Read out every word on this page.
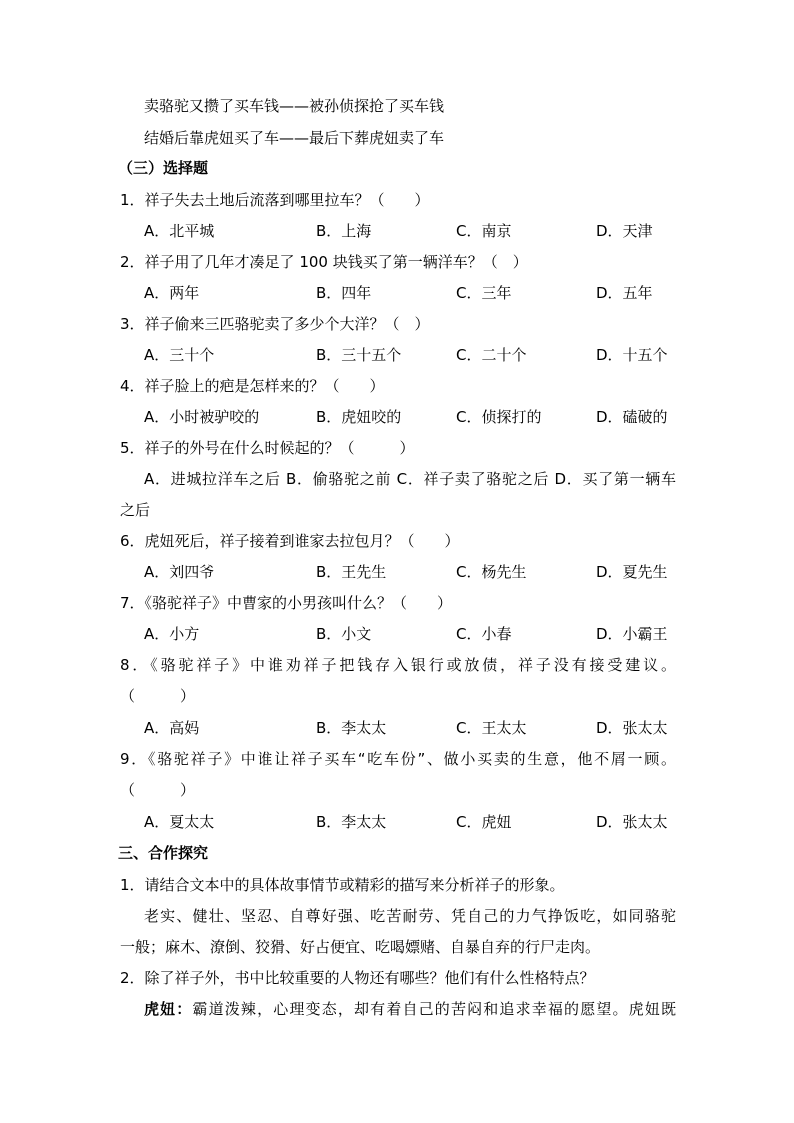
卖骆驼又攒了买车钱——被孙侦探抢了买车钱
结婚后靠虎妞买了车——最后下葬虎妞卖了车
（三）选择题
1．祥子失去土地后流落到哪里拉车？（　　）
A．北平城	B．上海	C．南京	D．天津
2．祥子用了几年才凑足了 100 块钱买了第一辆洋车？（　）
A．两年	B．四年	C．三年	D．五年
3．祥子偷来三匹骆驼卖了多少个大洋？（　）
A．三十个	B．三十五个	C．二十个	D．十五个
4．祥子脸上的疤是怎样来的？（　　）
A．小时被驴咬的	B．虎妞咬的	C．侦探打的	D．磕破的
5．祥子的外号在什么时候起的？（　　　）
A．进城拉洋车之后 B．偷骆驼之前 C．祥子卖了骆驼之后 D．买了第一辆车
之后
6．虎妞死后，祥子接着到谁家去拉包月？（　　）
A．刘四爷	B．王先生	C．杨先生	D．夏先生
7．《骆驼祥子》中曹家的小男孩叫什么？（　　）
A．小方	B．小文	C．小春	D．小霸王
8．《骆驼祥子》中谁劝祥子把钱存入银行或放债，祥子没有接受建议。
（　　　）
A．高妈	B．李太太	C．王太太	D．张太太
9．《骆驼祥子》中谁让祥子买车“吃车份”、做小买卖的生意，他不屑一顾。
（　　　）
A．夏太太	B．李太太	C．虎妞	D．张太太
三、合作探究
1．请结合文本中的具体故事情节或精彩的描写来分析祥子的形象。
老实、健壮、坚忍、自尊好强、吃苦耐劳、凭自己的力气挣饭吃，如同骆驼
一般；麻木、潦倒、狡猾、好占便宜、吃喝嫖赌、自暴自弃的行尸走肉。
2．除了祥子外，书中比较重要的人物还有哪些？他们有什么性格特点？
虎妞：霸道泼辣，心理变态，却有着自己的苦闷和追求幸福的愿望。虎妞既
